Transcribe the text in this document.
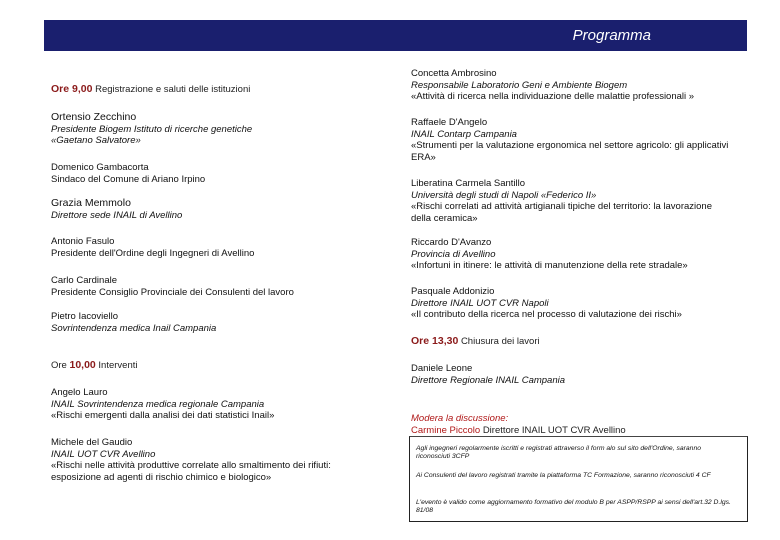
Programma
Ore 9,00 Registrazione e saluti delle istituzioni
Ortensio Zecchino
Presidente Biogem Istituto di ricerche genetiche
«Gaetano Salvatore»
Domenico Gambacorta
Sindaco del Comune di Ariano Irpino
Grazia Memmolo
Direttore sede INAIL di Avellino
Antonio Fasulo
Presidente dell'Ordine degli Ingegneri di Avellino
Carlo Cardinale
Presidente Consiglio Provinciale dei Consulenti del lavoro
Pietro Iacoviello
Sovrintendenza medica Inail Campania
Ore 10,00 Interventi
Angelo Lauro
INAIL Sovrintendenza medica regionale Campania
«Rischi emergenti dalla analisi dei dati statistici Inail»
Michele del Gaudio
INAIL UOT CVR Avellino
«Rischi nelle attività produttive correlate allo smaltimento dei rifiuti: esposizione ad agenti di rischio chimico e biologico»
Concetta Ambrosino
Responsabile Laboratorio Geni e Ambiente Biogem
«Attività di ricerca nella individuazione delle malattie professionali »
Raffaele D'Angelo
INAIL Contarp Campania
«Strumenti per la valutazione ergonomica nel settore agricolo: gli applicativi ERA»
Liberatina Carmela Santillo
Università degli studi di Napoli «Federico II»
«Rischi correlati ad attività artigianali tipiche del territorio: la lavorazione della ceramica»
Riccardo D'Avanzo
Provincia di Avellino
«Infortuni in itinere: le attività di manutenzione della rete stradale»
Pasquale Addonizio
Direttore INAIL UOT CVR Napoli
«Il contributo della ricerca nel processo di valutazione dei rischi»
Ore 13,30 Chiusura dei lavori
Daniele Leone
Direttore Regionale INAIL Campania
Modera la discussione:
Carmine Piccolo Direttore INAIL UOT CVR Avellino
Agli ingegneri regolarmente iscritti e registrati attraverso il form alo sul sito dell'Ordine, saranno riconosciuti 3CFP
Ai Consulenti del lavoro registrati tramite la piattaforma TC Formazione, saranno riconosciuti 4 CF
L'evento è valido come aggiornamento formativo del modulo B per ASPP/RSPP ai sensi dell'art.32 D.lgs. 81/08
